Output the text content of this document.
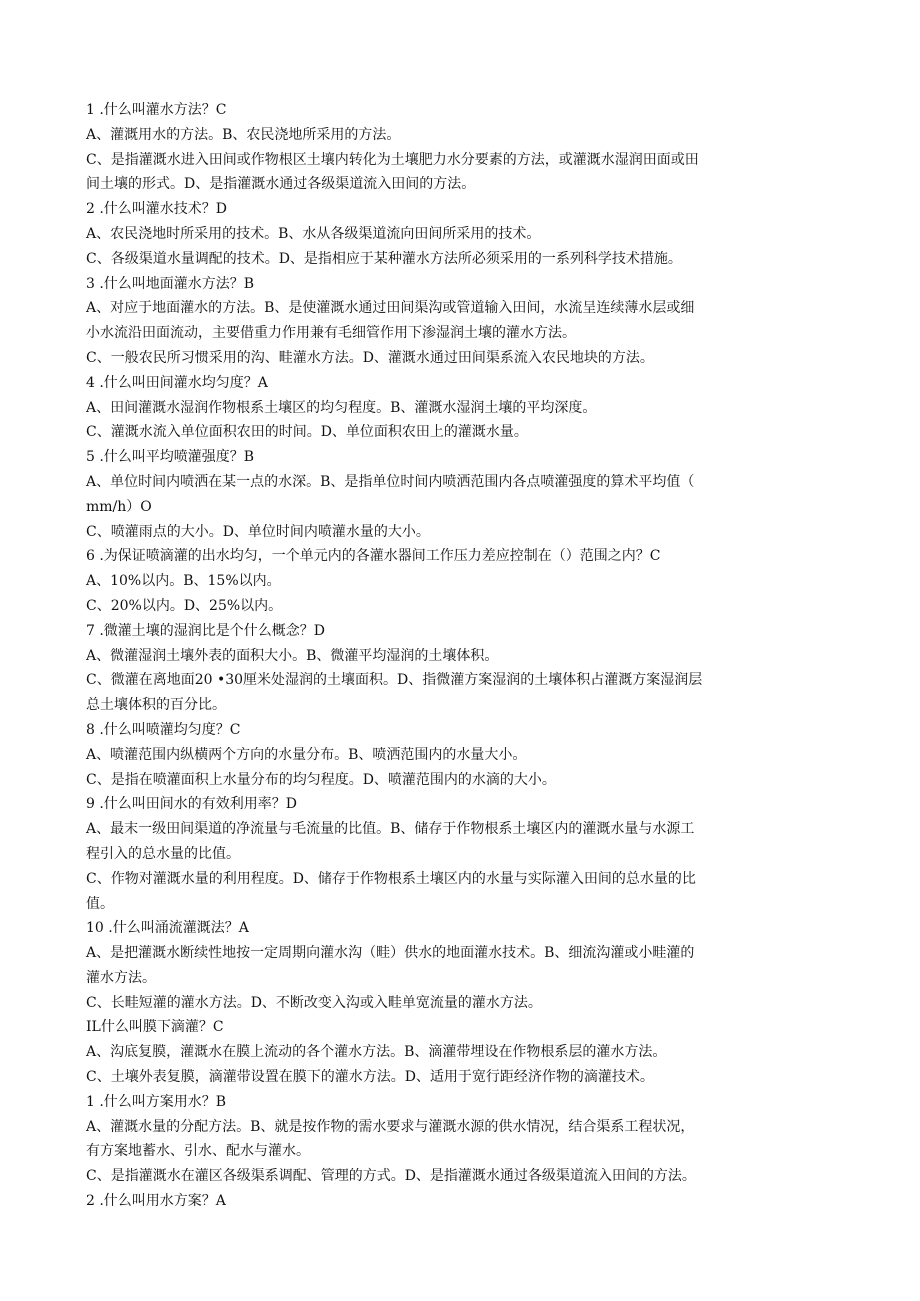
1 .什么叫灌水方法？C
A、灌溉用水的方法。B、农民浇地所采用的方法。
C、是指灌溉水进入田间或作物根区土壤内转化为土壤肥力水分要素的方法，或灌溉水湿润田面或田
间土壤的形式。D、是指灌溉水通过各级渠道流入田间的方法。
2 .什么叫灌水技术？D
A、农民浇地时所采用的技术。B、水从各级渠道流向田间所采用的技术。
C、各级渠道水量调配的技术。D、是指相应于某种灌水方法所必须采用的一系列科学技术措施。
3 .什么叫地面灌水方法？B
A、对应于地面灌水的方法。B、是使灌溉水通过田间渠沟或管道输入田间，水流呈连续薄水层或细
小水流沿田面流动，主要借重力作用兼有毛细管作用下渗湿润土壤的灌水方法。
C、一般农民所习惯采用的沟、畦灌水方法。D、灌溉水通过田间渠系流入农民地块的方法。
4 .什么叫田间灌水均匀度？A
A、田间灌溉水湿润作物根系土壤区的均匀程度。B、灌溉水湿润土壤的平均深度。
C、灌溉水流入单位面积农田的时间。D、单位面积农田上的灌溉水量。
5 .什么叫平均喷灌强度？B
A、单位时间内喷洒在某一点的水深。B、是指单位时间内喷洒范围内各点喷灌强度的算术平均值（
mm/h）O
C、喷灌雨点的大小。D、单位时间内喷灌水量的大小。
6 .为保证喷滴灌的出水均匀，一个单元内的各灌水器间工作压力差应控制在（）范围之内？C
A、10%以内。B、15%以内。
C、20%以内。D、25%以内。
7 .微灌土壤的湿润比是个什么概念？D
A、微灌湿润土壤外表的面积大小。B、微灌平均湿润的土壤体积。
C、微灌在离地面20 •30厘米处湿润的土壤面积。D、指微灌方案湿润的土壤体积占灌溉方案湿润层
总土壤体积的百分比。
8 .什么叫喷灌均匀度？C
A、喷灌范围内纵横两个方向的水量分布。B、喷洒范围内的水量大小。
C、是指在喷灌面积上水量分布的均匀程度。D、喷灌范围内的水滴的大小。
9 .什么叫田间水的有效利用率？D
A、最末一级田间渠道的净流量与毛流量的比值。B、储存于作物根系土壤区内的灌溉水量与水源工
程引入的总水量的比值。
C、作物对灌溉水量的利用程度。D、储存于作物根系土壤区内的水量与实际灌入田间的总水量的比
值。
10 .什么叫涌流灌溉法？A
A、是把灌溉水断续性地按一定周期向灌水沟（畦）供水的地面灌水技术。B、细流沟灌或小畦灌的
灌水方法。
C、长畦短灌的灌水方法。D、不断改变入沟或入畦单宽流量的灌水方法。
IL什么叫膜下滴灌？C
A、沟底复膜，灌溉水在膜上流动的各个灌水方法。B、滴灌带埋设在作物根系层的灌水方法。
C、土壤外表复膜，滴灌带设置在膜下的灌水方法。D、适用于宽行距经济作物的滴灌技术。
1 .什么叫方案用水？B
A、灌溉水量的分配方法。B、就是按作物的需水要求与灌溉水源的供水情况，结合渠系工程状况，
有方案地蓄水、引水、配水与灌水。
C、是指灌溉水在灌区各级渠系调配、管理的方式。D、是指灌溉水通过各级渠道流入田间的方法。
2 .什么叫用水方案？A
